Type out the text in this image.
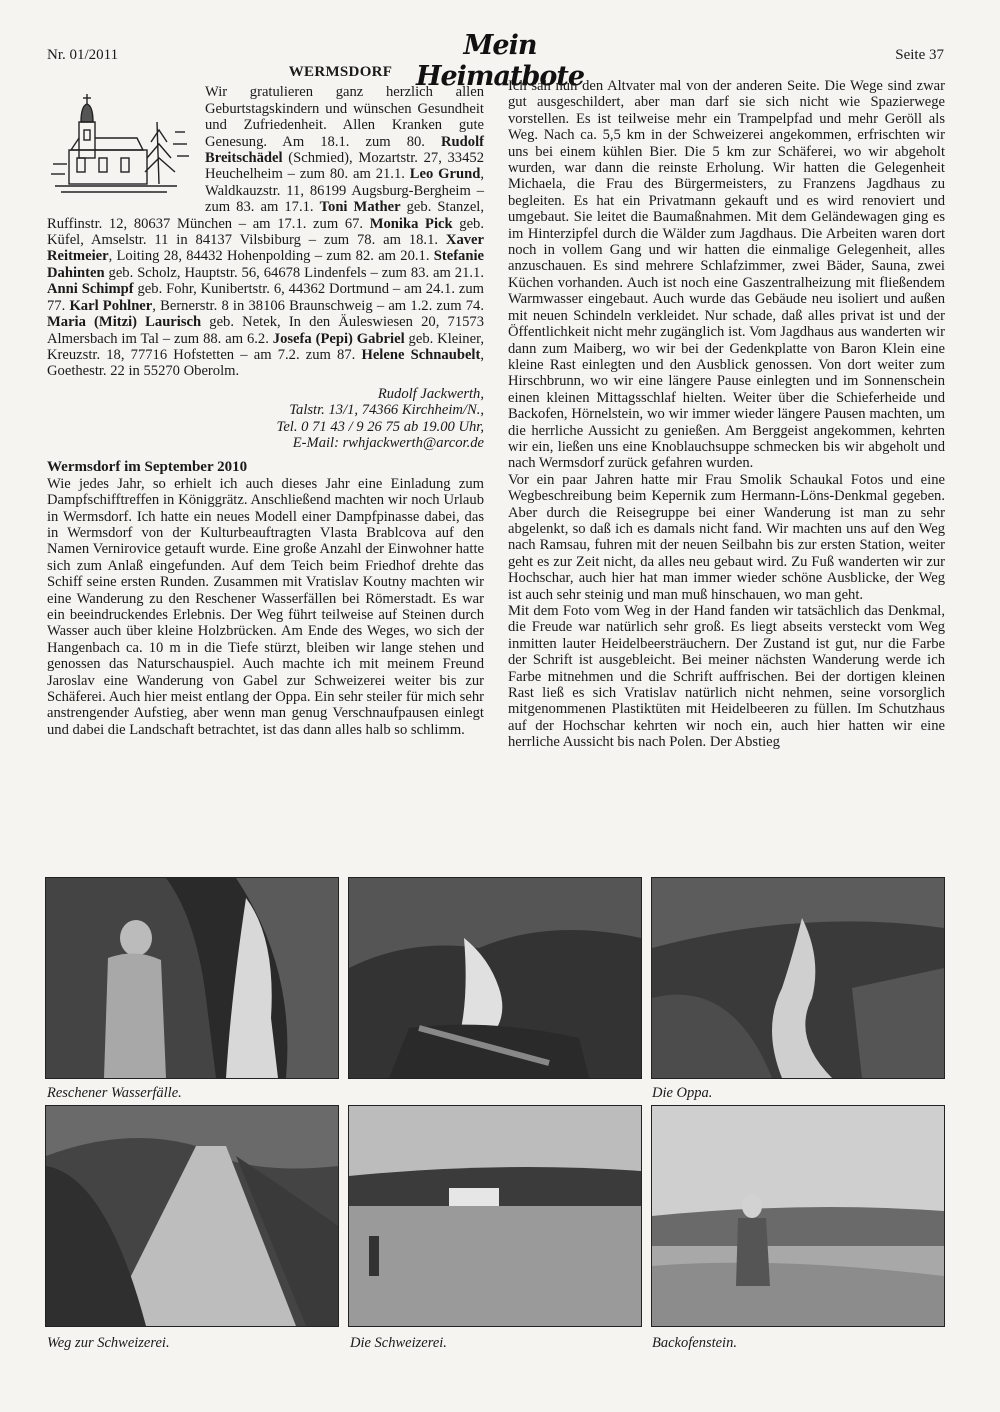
Nr. 01/2011	Mein Heimatbote
Seite 37
WERMSDORF

Wir gratulieren ganz herzlich allen Geburtstagskindern und wünschen Gesundheit und Zufriedenheit. Allen Kranken gute Genesung. Am 18.1. zum 80. Rudolf Breitschädel (Schmied), Mozartstr. 27, 33452 Heuchelheim – zum 80. am 21.1. Leo Grund, Waldkauzstr. 11, 86199 Augsburg-Bergheim – zum 83. am 17.1. Toni Mather geb. Stanzel, Ruffinstr. 12, 80637 München – am 17.1. zum 67. Monika Pick geb. Küfel, Amselstr. 11 in 84137 Vilsbiburg – zum 78. am 18.1. Xaver Reitmeier, Loiting 28, 84432 Hohenpolding – zum 82. am 20.1. Stefanie Dahinten geb. Scholz, Hauptstr. 56, 64678 Lindenfels – zum 83. am 21.1. Anni Schimpf geb. Fohr, Kunibertstr. 6, 44362 Dortmund – am 24.1. zum 77. Karl Pohlner, Bernerstr. 8 in 38106 Braunschweig – am 1.2. zum 74. Maria (Mitzi) Laurisch geb. Netek, In den Äuleswiesen 20, 71573 Almersbach im Tal – zum 88. am 6.2. Josefa (Pepi) Gabriel geb. Kleiner, Kreuzstr. 18, 77716 Hofstetten – am 7.2. zum 87. Helene Schnaubelt, Goethestr. 22 in 55270 Oberolm.

Rudolf Jackwerth,
Talstr. 13/1, 74366 Kirchheim/N.,
Tel. 0 71 43 / 9 26 75 ab 19.00 Uhr,
E-Mail: rwhjackwerth@arcor.de
Wermsdorf im September 2010

Wie jedes Jahr, so erhielt ich auch dieses Jahr eine Einladung zum Dampfschifftreffen in Königgrätz. Anschließend machten wir noch Urlaub in Wermsdorf. Ich hatte ein neues Modell einer Dampfpinasse dabei, das in Wermsdorf von der Kulturbeauftragten Vlasta Brablcova auf den Namen Vernirovice getauft wurde. Eine große Anzahl der Einwohner hatte sich zum Anlaß eingefunden. Auf dem Teich beim Friedhof drehte das Schiff seine ersten Runden. Zusammen mit Vratislav Koutny machten wir eine Wanderung zu den Reschener Wasserfällen bei Römerstadt. Es war ein beeindruckendes Erlebnis. Der Weg führt teilweise auf Steinen durch Wasser auch über kleine Holzbrücken. Am Ende des Weges, wo sich der Hangenbach ca. 10 m in die Tiefe stürzt, bleiben wir lange stehen und genossen das Naturschauspiel. Auch machte ich mit meinem Freund Jaroslav eine Wanderung von Gabel zur Schweizerei weiter bis zur Schäferei. Auch hier meist entlang der Oppa. Ein sehr steiler für mich sehr anstrengender Aufstieg, aber wenn man genug Verschnaufpausen einlegt und dabei die Landschaft betrachtet, ist das dann alles halb so schlimm.

Ich sah nun den Altvater mal von der anderen Seite. Die Wege sind zwar gut ausgeschildert, aber man darf sie sich nicht wie Spazierwege vorstellen. Es ist teilweise mehr ein Trampelpfad und mehr Geröll als Weg. Nach ca. 5,5 km in der Schweizerei angekommen, erfrischten wir uns bei einem kühlen Bier. Die 5 km zur Schäferei, wo wir abgeholt wurden, war dann die reinste Erholung. Wir hatten die Gelegenheit Michaela, die Frau des Bürgermeisters, zu Franzens Jagdhaus zu begleiten. Es hat ein Privatmann gekauft und es wird renoviert und umgebaut. Sie leitet die Baumaßnahmen. Mit dem Geländewagen ging es im Hinterzipfel durch die Wälder zum Jagdhaus. Die Arbeiten waren dort noch in vollem Gang und wir hatten die einmalige Gelegenheit, alles anzuschauen. Es sind mehrere Schlafzimmer, zwei Bäder, Sauna, zwei Küchen vorhanden. Auch ist noch eine Gaszentralheizung mit fließendem Warmwasser eingebaut. Auch wurde das Gebäude neu isoliert und außen mit neuen Schindeln verkleidet. Nur schade, daß alles privat ist und der Öffentlichkeit nicht mehr zugänglich ist. Vom Jagdhaus aus wanderten wir dann zum Maiberg, wo wir bei der Gedenkplatte von Baron Klein eine kleine Rast einlegten und den Ausblick genossen. Von dort weiter zum Hirschbrunn, wo wir eine längere Pause einlegten und im Sonnenschein einen kleinen Mittagsschlaf hielten. Weiter über die Schieferheide und Backofen, Hörnelstein, wo wir immer wieder längere Pausen machten, um die herrliche Aussicht zu genießen. Am Berggeist angekommen, kehrten wir ein, ließen uns eine Knoblauchsuppe schmecken bis wir abgeholt und nach Wermsdorf zurück gefahren wurden.

Vor ein paar Jahren hatte mir Frau Smolik Schaukal Fotos und eine Wegbeschreibung beim Kepernik zum Hermann-Löns-Denkmal gegeben. Aber durch die Reisegruppe bei einer Wanderung ist man zu sehr abgelenkt, so daß ich es damals nicht fand. Wir machten uns auf den Weg nach Ramsau, fuhren mit der neuen Seilbahn bis zur ersten Station, weiter geht es zur Zeit nicht, da alles neu gebaut wird. Zu Fuß wanderten wir zur Hochschar, auch hier hat man immer wieder schöne Ausblicke, der Weg ist auch sehr steinig und man muß hinschauen, wo man geht.

Mit dem Foto vom Weg in der Hand fanden wir tatsächlich das Denkmal, die Freude war natürlich sehr groß. Es liegt abseits versteckt vom Weg inmitten lauter Heidelbeersträuchern. Der Zustand ist gut, nur die Farbe der Schrift ist ausgebleicht. Bei meiner nächsten Wanderung werde ich Farbe mitnehmen und die Schrift auffrischen. Bei der dortigen kleinen Rast ließ es sich Vratislav natürlich nicht nehmen, seine vorsorglich mitgenommenen Plastiktüten mit Heidelbeeren zu füllen. Im Schutzhaus auf der Hochschar kehrten wir noch ein, auch hier hatten wir eine herrliche Aussicht bis nach Polen. Der Abstieg

Reschener Wasserfälle.	Die Oppa.
Weg zur Schweizerei.	Die Schweizerei.	Backofenstein.
